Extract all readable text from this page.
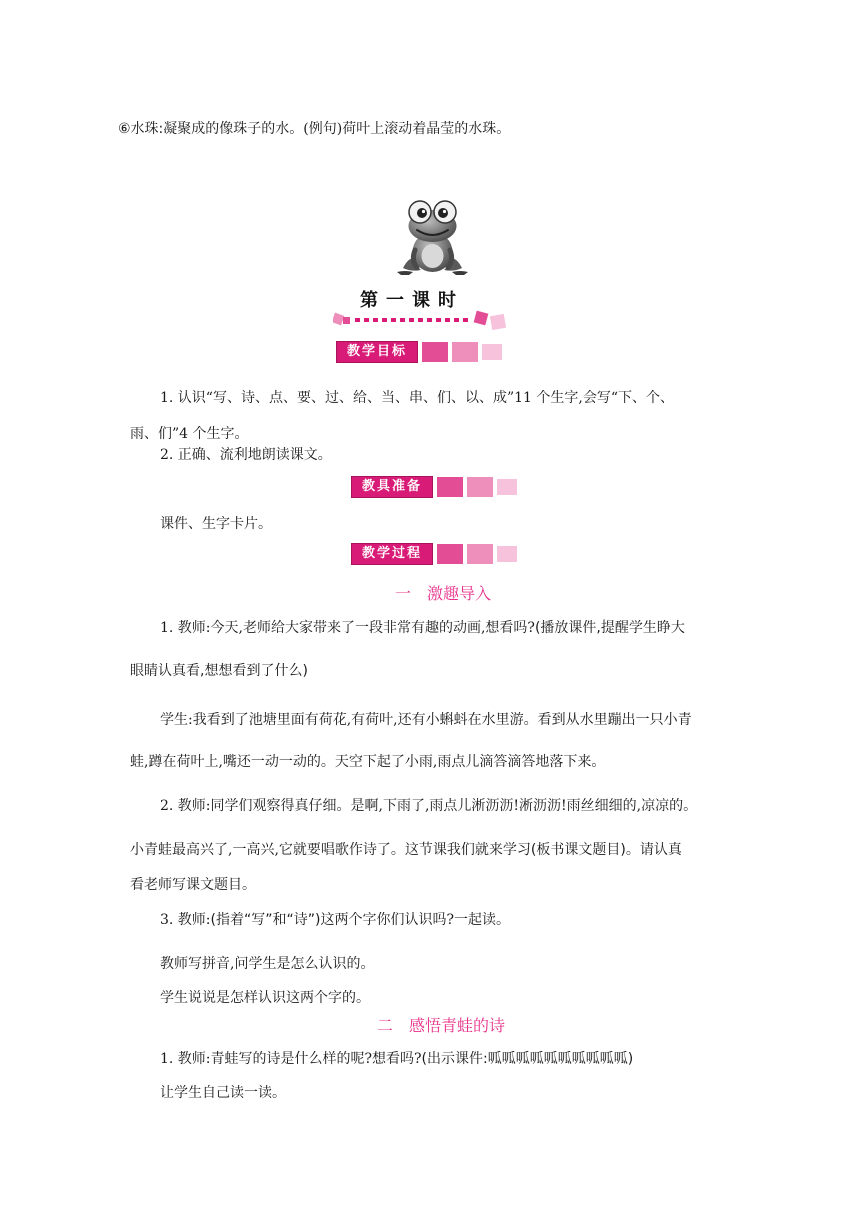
⑥水珠:凝聚成的像珠子的水。(例句)荷叶上滚动着晶莹的水珠。
第一课时
教学目标
1. 认识“写、诗、点、要、过、给、当、串、们、以、成”11 个生字,会写“下、个、
雨、们”4 个生字。
2. 正确、流利地朗读课文。
教具准备
课件、生字卡片。
教学过程
一　激趣导入
1. 教师:今天,老师给大家带来了一段非常有趣的动画,想看吗?(播放课件,提醒学生睁大
眼睛认真看,想想看到了什么)
学生:我看到了池塘里面有荷花,有荷叶,还有小蝌蚪在水里游。看到从水里蹦出一只小青
蛙,蹲在荷叶上,嘴还一动一动的。天空下起了小雨,雨点儿滴答滴答地落下来。
2. 教师:同学们观察得真仔细。是啊,下雨了,雨点儿淅沥沥!淅沥沥!雨丝细细的,凉凉的。
小青蛙最高兴了,一高兴,它就要唱歌作诗了。这节课我们就来学习(板书课文题目)。请认真
看老师写课文题目。
3. 教师:(指着“写”和“诗”)这两个字你们认识吗?一起读。
教师写拼音,问学生是怎么认识的。
学生说说是怎样认识这两个字的。
二　感悟青蛙的诗
1. 教师:青蛙写的诗是什么样的呢?想看吗?(出示课件:呱呱呱呱呱呱呱呱呱呱)
让学生自己读一读。
